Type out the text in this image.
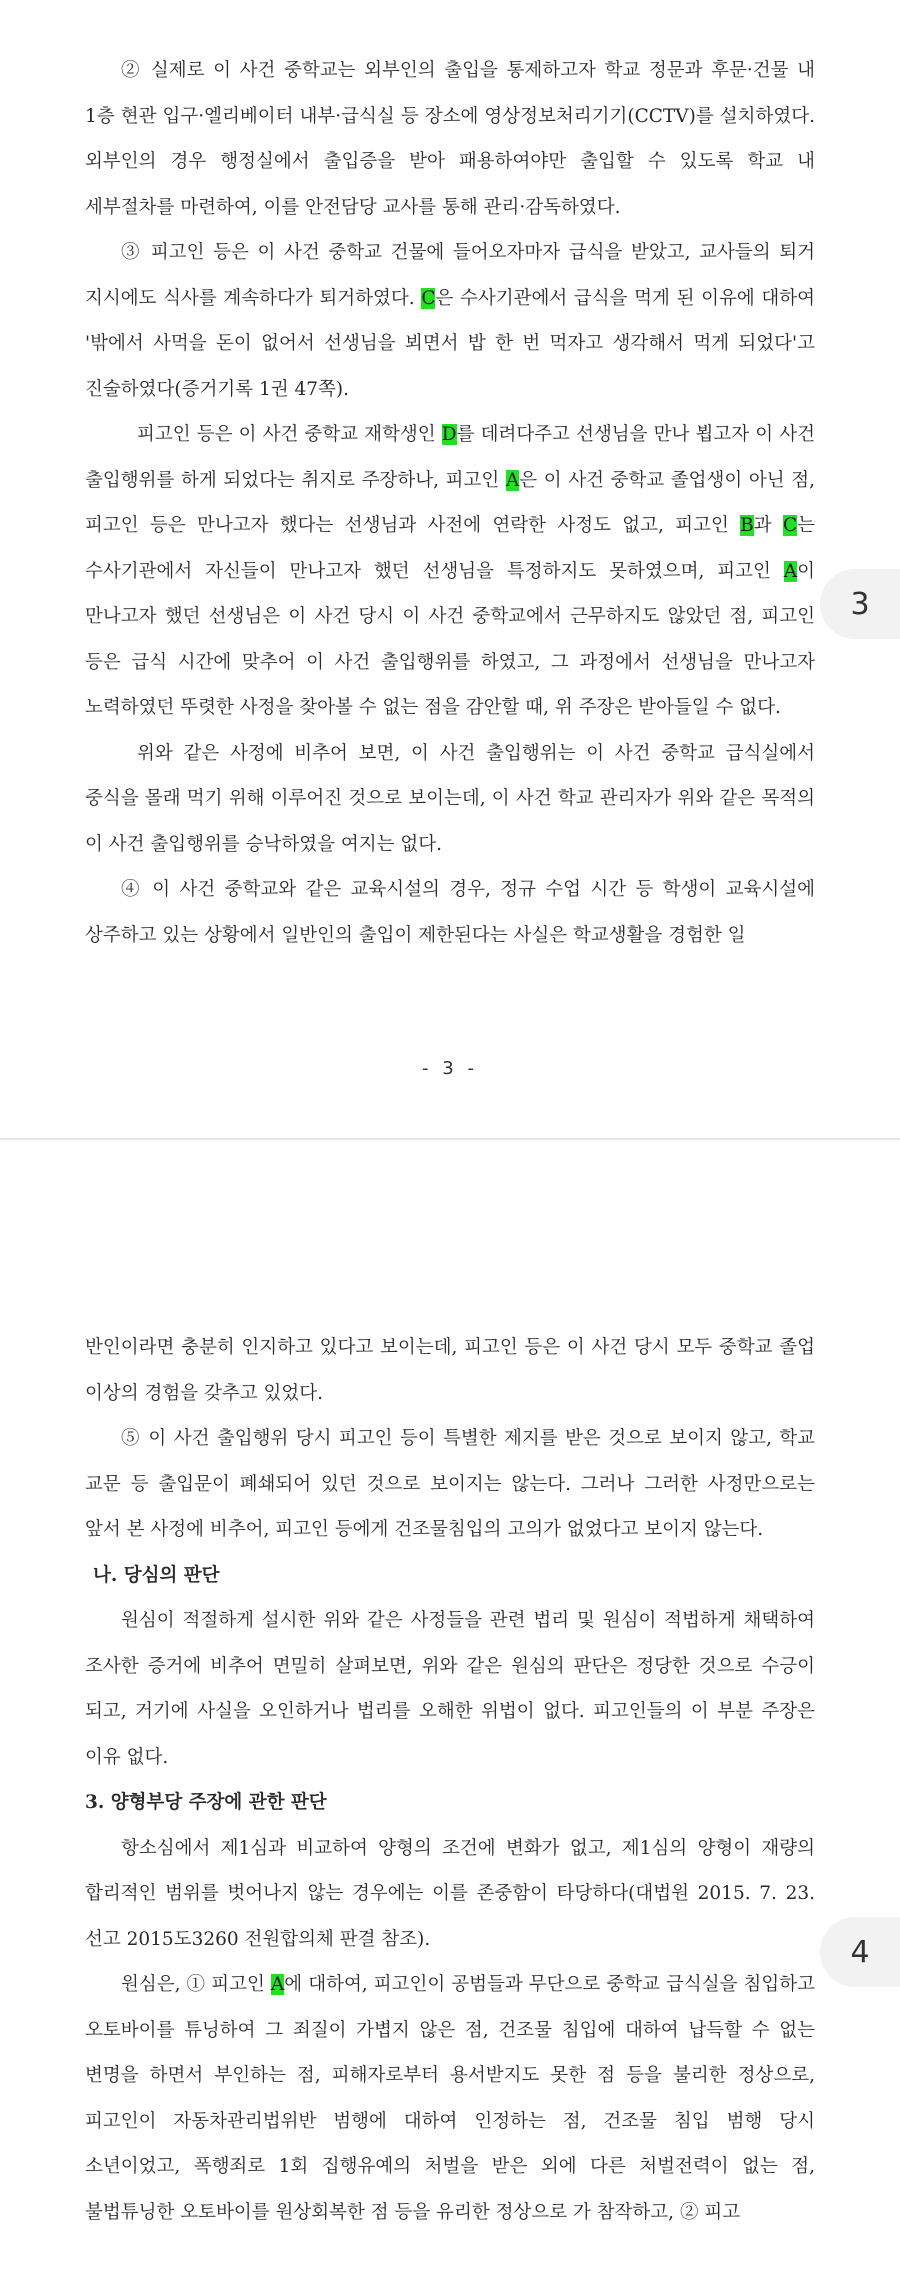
② 실제로 이 사건 중학교는 외부인의 출입을 통제하고자 학교 정문과 후문·건물 내 1층 현관 입구·엘리베이터 내부·급식실 등 장소에 영상정보처리기기(CCTV)를 설치하였다. 외부인의 경우 행정실에서 출입증을 받아 패용하여야만 출입할 수 있도록 학교 내 세부절차를 마련하여, 이를 안전담당 교사를 통해 관리·감독하였다.

③ 피고인 등은 이 사건 중학교 건물에 들어오자마자 급식을 받았고, 교사들의 퇴거 지시에도 식사를 계속하다가 퇴거하였다. C은 수사기관에서 급식을 먹게 된 이유에 대하여 '밖에서 사먹을 돈이 없어서 선생님을 뵈면서 밥 한 번 먹자고 생각해서 먹게 되었다'고 진술하였다(증거기록 1권 47쪽).

피고인 등은 이 사건 중학교 재학생인 D를 데려다주고 선생님을 만나 뵙고자 이 사건 출입행위를 하게 되었다는 취지로 주장하나, 피고인 A은 이 사건 중학교 졸업생이 아닌 점, 피고인 등은 만나고자 했다는 선생님과 사전에 연락한 사정도 없고, 피고인 B과 C는 수사기관에서 자신들이 만나고자 했던 선생님을 특정하지도 못하였으며, 피고인 A이 만나고자 했던 선생님은 이 사건 당시 이 사건 중학교에서 근무하지도 않았던 점, 피고인 등은 급식 시간에 맞추어 이 사건 출입행위를 하였고, 그 과정에서 선생님을 만나고자 노력하였던 뚜렷한 사정을 찾아볼 수 없는 점을 감안할 때, 위 주장은 받아들일 수 없다.

위와 같은 사정에 비추어 보면, 이 사건 출입행위는 이 사건 중학교 급식실에서 중식을 몰래 먹기 위해 이루어진 것으로 보이는데, 이 사건 학교 관리자가 위와 같은 목적의 이 사건 출입행위를 승낙하였을 여지는 없다.

④ 이 사건 중학교와 같은 교육시설의 경우, 정규 수업 시간 등 학생이 교육시설에 상주하고 있는 상황에서 일반인의 출입이 제한된다는 사실은 학교생활을 경험한 일

- 3 -

반인이라면 충분히 인지하고 있다고 보이는데, 피고인 등은 이 사건 당시 모두 중학교 졸업 이상의 경험을 갖추고 있었다.

⑤ 이 사건 출입행위 당시 피고인 등이 특별한 제지를 받은 것으로 보이지 않고, 학교 교문 등 출입문이 폐쇄되어 있던 것으로 보이지는 않는다. 그러나 그러한 사정만으로는 앞서 본 사정에 비추어, 피고인 등에게 건조물침입의 고의가 없었다고 보이지 않는다.

나. 당심의 판단

원심이 적절하게 설시한 위와 같은 사정들을 관련 법리 및 원심이 적법하게 채택하여 조사한 증거에 비추어 면밀히 살펴보면, 위와 같은 원심의 판단은 정당한 것으로 수긍이 되고, 거기에 사실을 오인하거나 법리를 오해한 위법이 없다. 피고인들의 이 부분 주장은 이유 없다.

3. 양형부당 주장에 관한 판단

항소심에서 제1심과 비교하여 양형의 조건에 변화가 없고, 제1심의 양형이 재량의 합리적인 범위를 벗어나지 않는 경우에는 이를 존중함이 타당하다(대법원 2015. 7. 23. 선고 2015도3260 전원합의체 판결 참조).

원심은, ① 피고인 A에 대하여, 피고인이 공범들과 무단으로 중학교 급식실을 침입하고 오토바이를 튜닝하여 그 죄질이 가볍지 않은 점, 건조물 침입에 대하여 납득할 수 없는 변명을 하면서 부인하는 점, 피해자로부터 용서받지도 못한 점 등을 불리한 정상으로, 피고인이 자동차관리법위반 범행에 대하여 인정하는 점, 건조물 침입 범행 당시 소년이었고, 폭행죄로 1회 집행유예의 처벌을 받은 외에 다른 처벌전력이 없는 점, 불법튜닝한 오토바이를 원상회복한 점 등을 유리한 정상으로 가 참작하고, ② 피고

3
4
